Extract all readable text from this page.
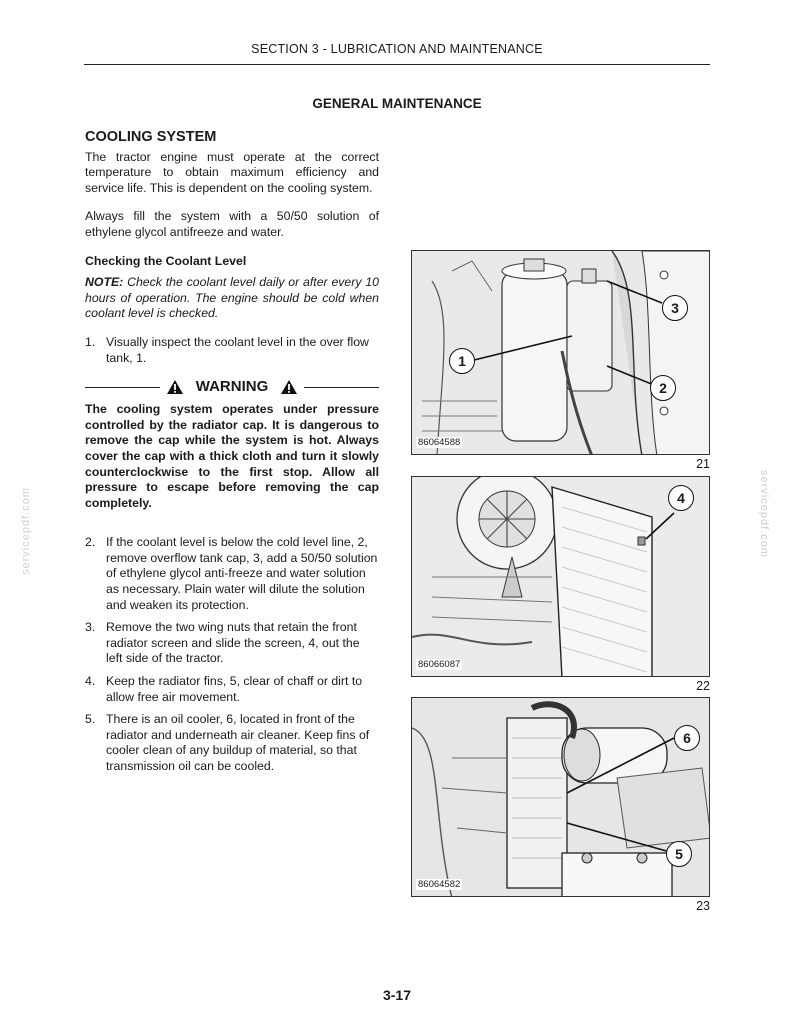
SECTION 3 - LUBRICATION AND MAINTENANCE
GENERAL MAINTENANCE
COOLING SYSTEM

The tractor engine must operate at the correct temperature to obtain maximum efficiency and service life. This is dependent on the cooling system.

Always fill the system with a 50/50 solution of ethylene glycol antifreeze and water.

Checking the Coolant Level

NOTE: Check the coolant level daily or after every 10 hours of operation. The engine should be cold when coolant level is checked.

1. Visually inspect the coolant level in the over flow tank, 1.
WARNING

The cooling system operates under pressure controlled by the radiator cap. It is dangerous to remove the cap while the system is hot. Always cover the cap with a thick cloth and turn it slowly counterclockwise to the first stop. Allow all pressure to escape before removing the cap completely.

2. If the coolant level is below the cold level line, 2, remove overflow tank cap, 3, add a 50/50 solution of ethylene glycol anti-freeze and water solution as necessary. Plain water will dilute the solution and weaken its protection.
3. Remove the two wing nuts that retain the front radiator screen and slide the screen, 4, out the left side of the tractor.
4. Keep the radiator fins, 5, clear of chaff or dirt to allow free air movement.
5. There is an oil cooler, 6, located in front of the radiator and underneath air cleaner. Keep fins of cooler clean of any buildup of material, so that transmission oil can be cooled.
1
2
3
86064588
21
4
86066087
22
6
5
86064582
23
servicepdf.com	servicepdf.com
3-17
